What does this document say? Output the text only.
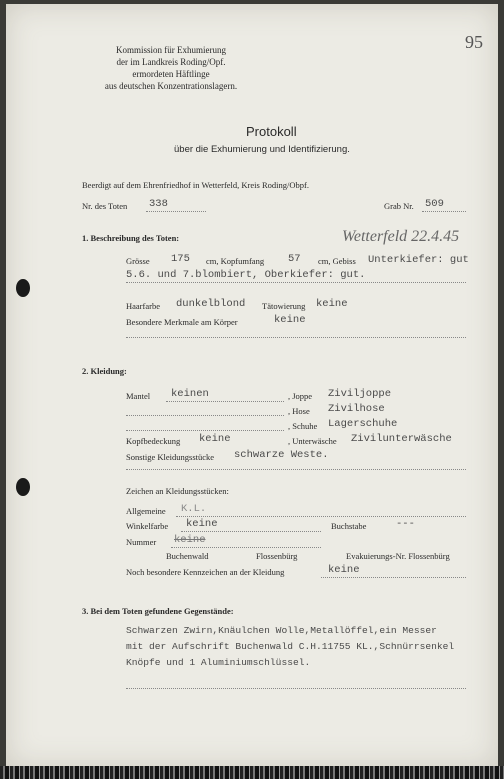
95
Kommission für Exhumierung
der im Landkreis Roding/Opf.
ermordeten Häftlinge
aus deutschen Konzentrationslagern.
Protokoll
über die Exhumierung und Identifizierung.
Beerdigt auf dem Ehrenfriedhof in Wetterfeld, Kreis Roding/Obpf.
Nr. des Toten 338	Grab Nr. 509
1. Beschreibung des Toten:	Wetterfeld 22.4.45
Grösse 175 cm, Kopfumfang 57 cm, Gebiss Unterkiefer: gut
5.6. und 7.blombiert, Oberkiefer: gut.
Haarfarbe dunkelblond Tätowierung keine
Besondere Merkmale am Körper	keine
2. Kleidung:
Mantel keinen	, Joppe Ziviljoppe
, Hose Zivilhose
, Schuhe Lagerschuhe
Kopfbedeckung keine	, Unterwäsche Zivilunterwäsche
Sonstige Kleidungsstücke schwarze Weste.
Zeichen an Kleidungsstücken:
Allgemeine K.L.
Winkelfarbe keine	Buchstabe	---
Nummer keine
Buchenwald	Flossenbürg	Evakuierungs-Nr. Flossenbürg
Noch besondere Kennzeichen an der Kleidung	keine
3. Bei dem Toten gefundene Gegenstände:
Schwarzen Zwirn,Knäulchen Wolle,Metallöffel,ein Messer
mit der Aufschrift Buchenwald C.H.11755 KL.,Schnürrsenkel
Knöpfe und 1 Aluminiumschlüssel.
